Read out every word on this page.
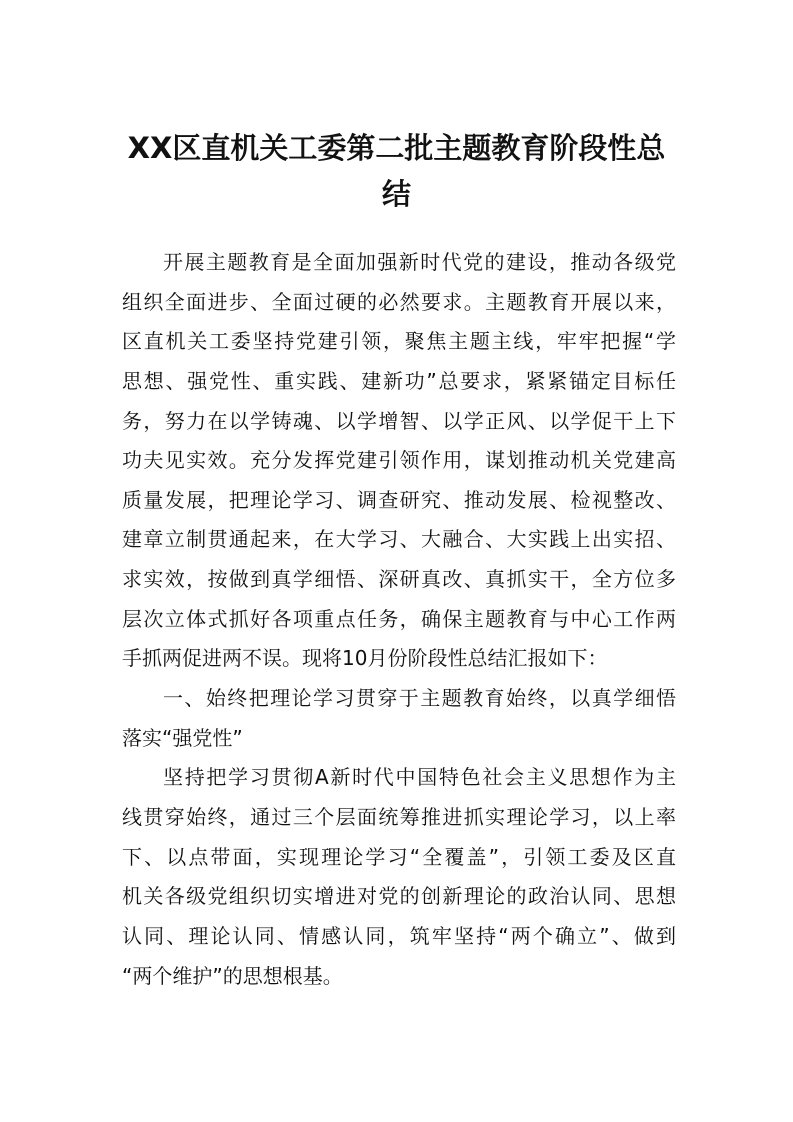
XX区直机关工委第二批主题教育阶段性总
结
开展主题教育是全面加强新时代党的建设，推动各级党
组织全面进步、全面过硬的必然要求。主题教育开展以来，
区直机关工委坚持党建引领，聚焦主题主线，牢牢把握“学
思想、强党性、重实践、建新功”总要求，紧紧锚定目标任
务，努力在以学铸魂、以学增智、以学正风、以学促干上下
功夫见实效。充分发挥党建引领作用，谋划推动机关党建高
质量发展，把理论学习、调查研究、推动发展、检视整改、
建章立制贯通起来，在大学习、大融合、大实践上出实招、
求实效，按做到真学细悟、深研真改、真抓实干，全方位多
层次立体式抓好各项重点任务，确保主题教育与中心工作两
手抓两促进两不误。现将10月份阶段性总结汇报如下：
一、始终把理论学习贯穿于主题教育始终，以真学细悟
落实“强党性”
坚持把学习贯彻A新时代中国特色社会主义思想作为主
线贯穿始终，通过三个层面统筹推进抓实理论学习，以上率
下、以点带面，实现理论学习“全覆盖”，引领工委及区直
机关各级党组织切实增进对党的创新理论的政治认同、思想
认同、理论认同、情感认同，筑牢坚持“两个确立”、做到
“两个维护”的思想根基。
